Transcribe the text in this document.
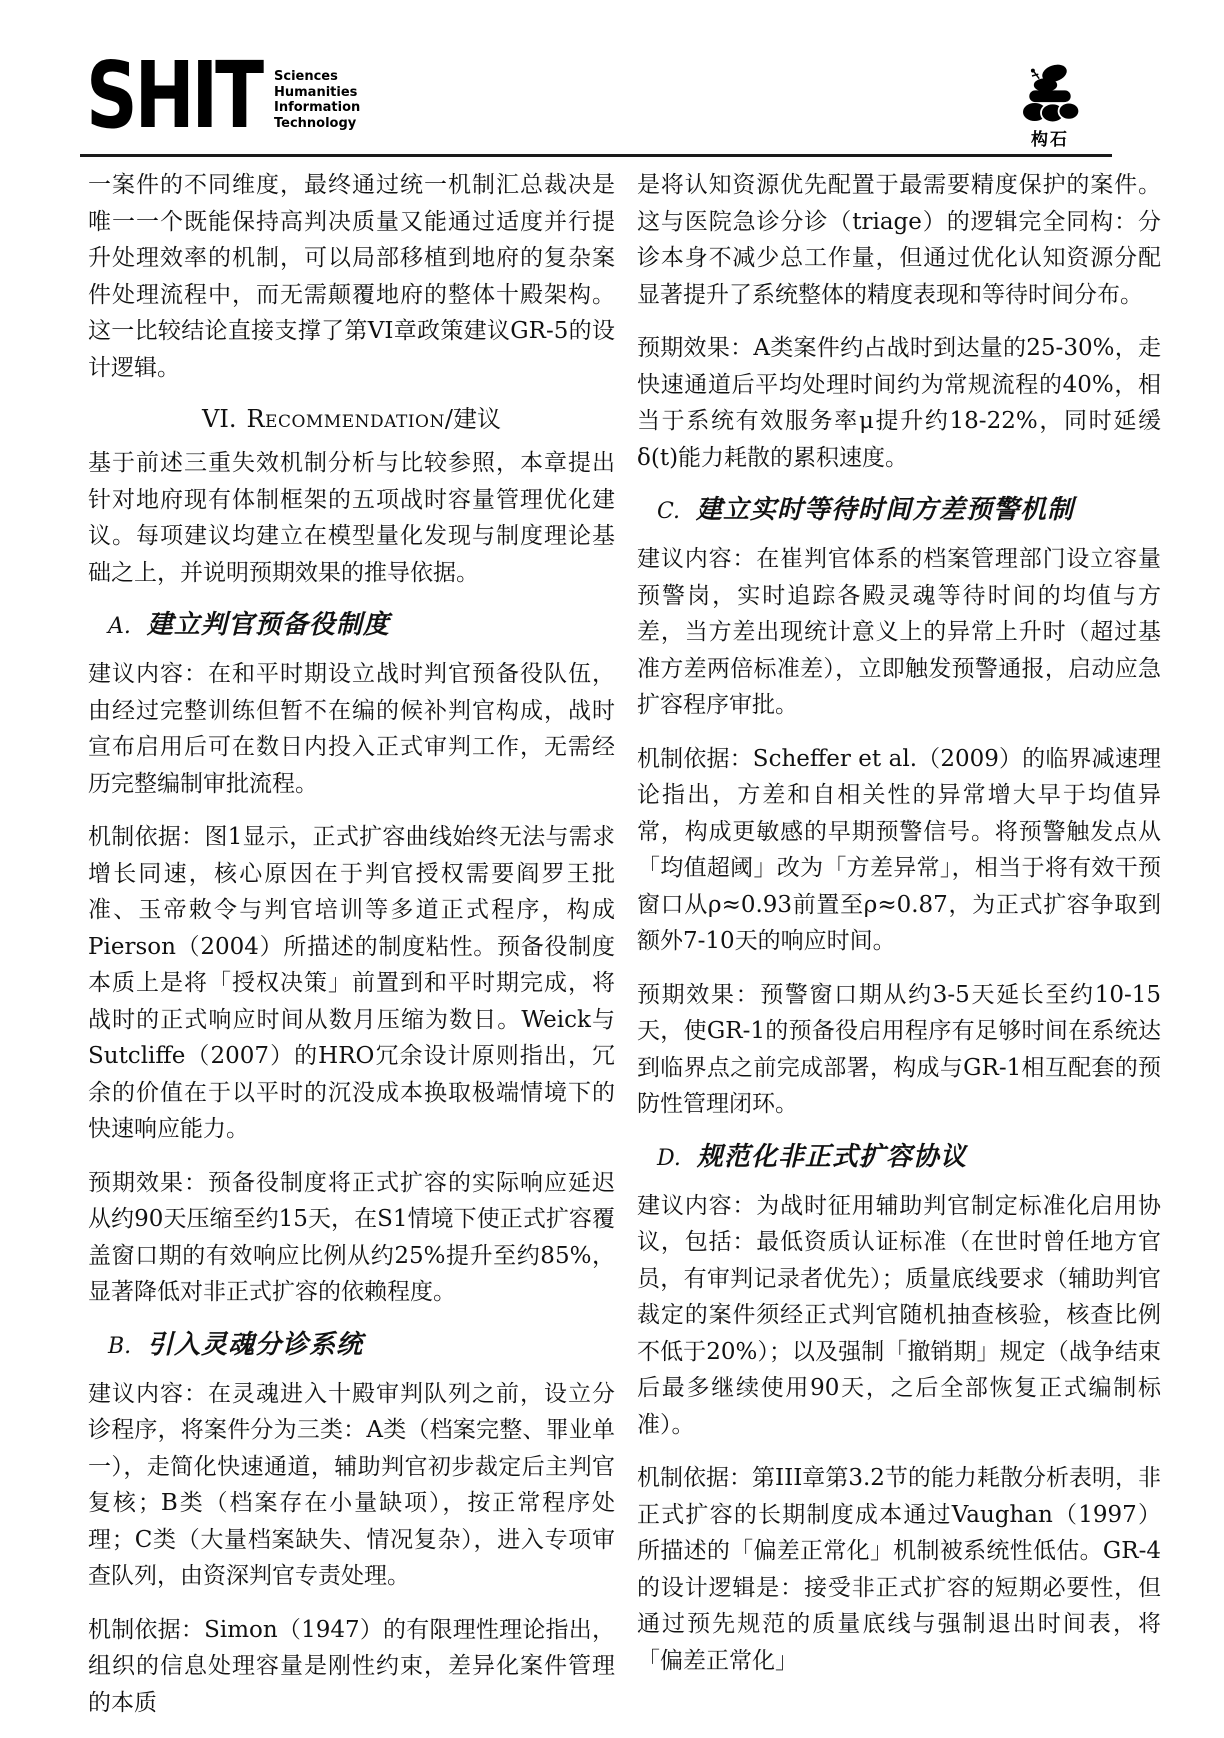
SHIT Sciences
Humanities
Information
Technology
构石

一案件的不同维度，最终通过统一机制汇总裁决是唯一一个既能保持高判决质量又能通过适度并行提升处理效率的机制，可以局部移植到地府的复杂案件处理流程中，而无需颠覆地府的整体十殿架构。这一比较结论直接支撑了第VI章政策建议GR-5的设计逻辑。

VI. Recommendation/建议

基于前述三重失效机制分析与比较参照，本章提出针对地府现有体制框架的五项战时容量管理优化建议。每项建议均建立在模型量化发现与制度理论基础之上，并说明预期效果的推导依据。

A. 建立判官预备役制度

建议内容：在和平时期设立战时判官预备役队伍，由经过完整训练但暂不在编的候补判官构成，战时宣布启用后可在数日内投入正式审判工作，无需经历完整编制审批流程。

机制依据：图1显示，正式扩容曲线始终无法与需求增长同速，核心原因在于判官授权需要阎罗王批准、玉帝敕令与判官培训等多道正式程序，构成Pierson（2004）所描述的制度粘性。预备役制度本质上是将「授权决策」前置到和平时期完成，将战时的正式响应时间从数月压缩为数日。Weick与Sutcliffe（2007）的HRO冗余设计原则指出，冗余的价值在于以平时的沉没成本换取极端情境下的快速响应能力。

预期效果：预备役制度将正式扩容的实际响应延迟从约90天压缩至约15天，在S1情境下使正式扩容覆盖窗口期的有效响应比例从约25%提升至约85%，显著降低对非正式扩容的依赖程度。

B. 引入灵魂分诊系统

建议内容：在灵魂进入十殿审判队列之前，设立分诊程序，将案件分为三类：A类（档案完整、罪业单一），走简化快速通道，辅助判官初步裁定后主判官复核；B类（档案存在小量缺项），按正常程序处理；C类（大量档案缺失、情况复杂），进入专项审查队列，由资深判官专责处理。

机制依据：Simon（1947）的有限理性理论指出，组织的信息处理容量是刚性约束，差异化案件管理的本质

是将认知资源优先配置于最需要精度保护的案件。这与医院急诊分诊（triage）的逻辑完全同构：分诊本身不减少总工作量，但通过优化认知资源分配显著提升了系统整体的精度表现和等待时间分布。

预期效果：A类案件约占战时到达量的25-30%，走快速通道后平均处理时间约为常规流程的40%，相当于系统有效服务率μ提升约18-22%，同时延缓δ(t)能力耗散的累积速度。

C. 建立实时等待时间方差预警机制

建议内容：在崔判官体系的档案管理部门设立容量预警岗，实时追踪各殿灵魂等待时间的均值与方差，当方差出现统计意义上的异常上升时（超过基准方差两倍标准差），立即触发预警通报，启动应急扩容程序审批。

机制依据：Scheffer et al.（2009）的临界减速理论指出，方差和自相关性的异常增大早于均值异常，构成更敏感的早期预警信号。将预警触发点从「均值超阈」改为「方差异常」，相当于将有效干预窗口从ρ≈0.93前置至ρ≈0.87，为正式扩容争取到额外7-10天的响应时间。

预期效果：预警窗口期从约3-5天延长至约10-15天，使GR-1的预备役启用程序有足够时间在系统达到临界点之前完成部署，构成与GR-1相互配套的预防性管理闭环。

D. 规范化非正式扩容协议

建议内容：为战时征用辅助判官制定标准化启用协议，包括：最低资质认证标准（在世时曾任地方官员，有审判记录者优先）；质量底线要求（辅助判官裁定的案件须经正式判官随机抽查核验，核查比例不低于20%）；以及强制「撤销期」规定（战争结束后最多继续使用90天，之后全部恢复正式编制标准）。

机制依据：第III章第3.2节的能力耗散分析表明，非正式扩容的长期制度成本通过Vaughan（1997）所描述的「偏差正常化」机制被系统性低估。GR-4的设计逻辑是：接受非正式扩容的短期必要性，但通过预先规范的质量底线与强制退出时间表，将「偏差正常化」
